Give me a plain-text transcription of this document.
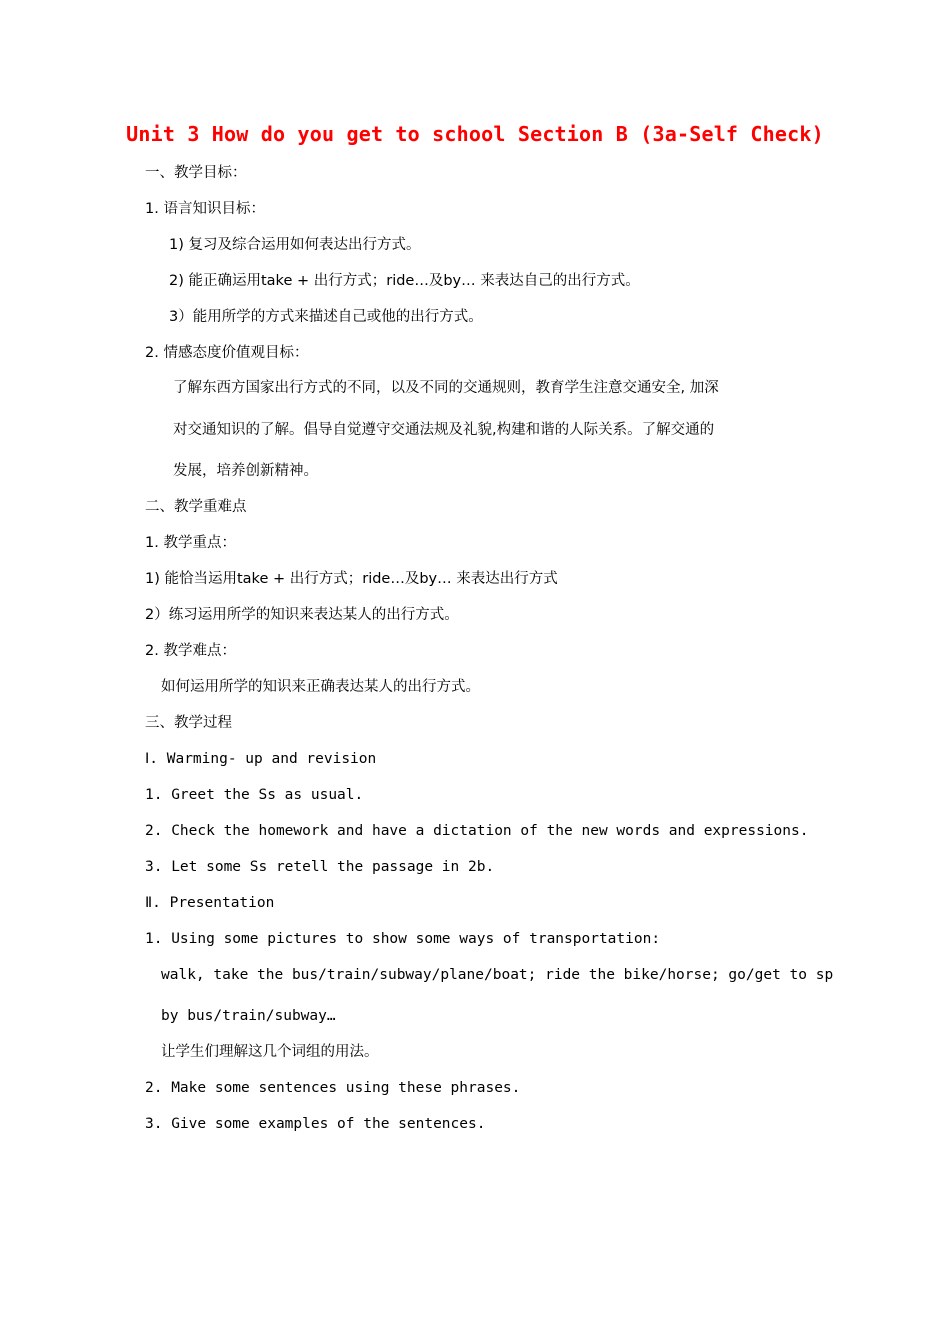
Unit 3 How do you get to school Section B (3a-Self Check)
一、教学目标：
1. 语言知识目标：
1) 复习及综合运用如何表达出行方式。
2) 能正确运用take + 出行方式；ride…及by… 来表达自己的出行方式。
3）能用所学的方式来描述自己或他的出行方式。
2. 情感态度价值观目标：
了解东西方国家出行方式的不同，以及不同的交通规则，教育学生注意交通安全, 加深
对交通知识的了解。倡导自觉遵守交通法规及礼貌,构建和谐的人际关系。了解交通的
发展，培养创新精神。
二、教学重难点
1. 教学重点：
1) 能恰当运用take + 出行方式；ride…及by… 来表达出行方式
2）练习运用所学的知识来表达某人的出行方式。
2. 教学难点：
如何运用所学的知识来正确表达某人的出行方式。
三、教学过程
Ⅰ. Warming- up and revision
1. Greet the Ss as usual.
2. Check the homework and have a dictation of the new words and expressions.
3. Let some Ss retell the passage in 2b.
Ⅱ. Presentation
1. Using some pictures to show some ways of transportation:
walk, take the bus/train/subway/plane/boat; ride the bike/horse; go/get to sp
by bus/train/subway…
让学生们理解这几个词组的用法。
2. Make some sentences using these phrases.
3. Give some examples of the sentences.
